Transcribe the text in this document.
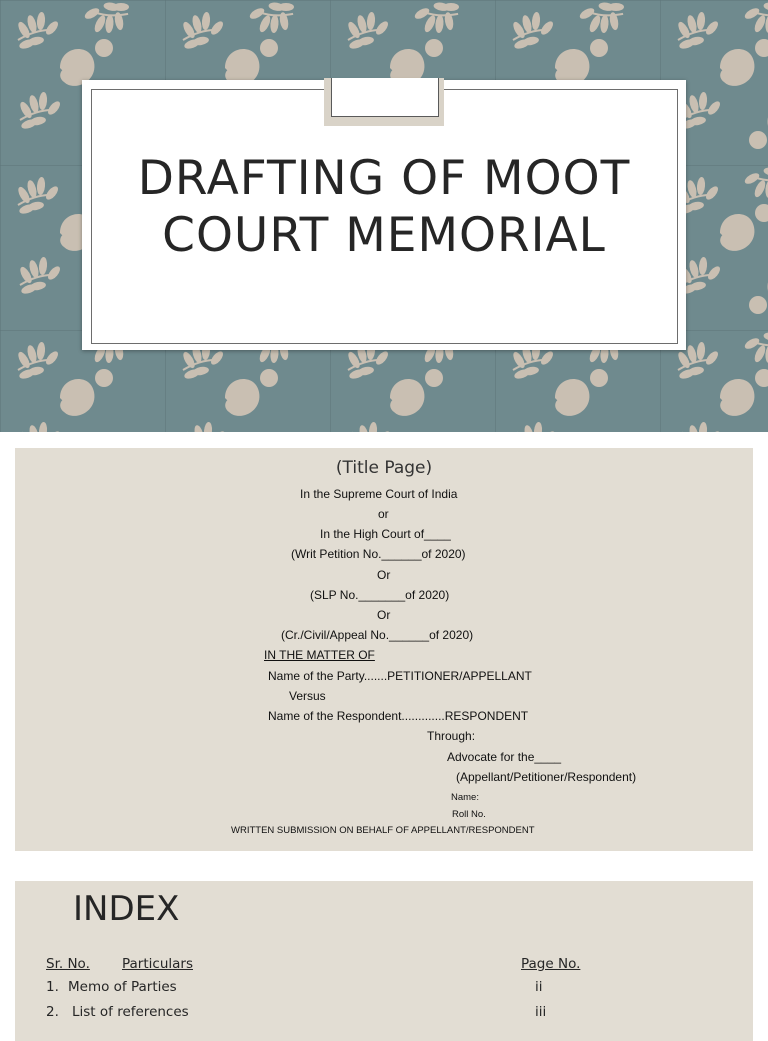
DRAFTING OF MOOT
COURT MEMORIAL
(Title Page)
In the Supreme Court of India
or
In the High Court of____
(Writ Petition No.______of 2020)
Or
(SLP No._______of 2020)
Or
(Cr./Civil/Appeal No.______of 2020)
IN THE MATTER OF
Name of the Party.......PETITIONER/APPELLANT
Versus
Name of the Respondent.............RESPONDENT
Through:
Advocate for the____
(Appellant/Petitioner/Respondent)
Name:
Roll No.
WRITTEN SUBMISSION ON BEHALF OF APPELLANT/RESPONDENT
INDEX
Sr. No. Particulars	Page No.
1. Memo of Parties	ii
2. List of references	iii
